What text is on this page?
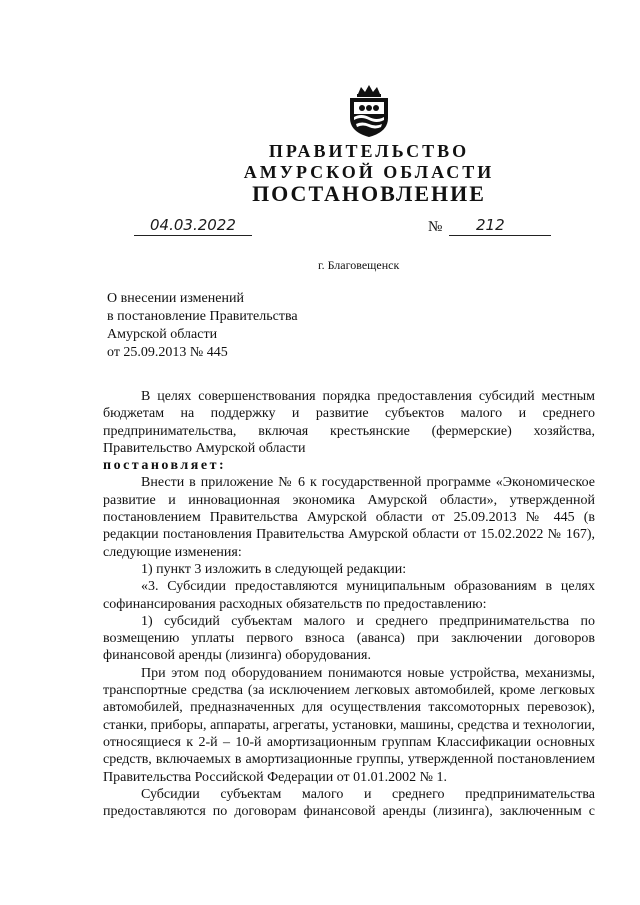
ПРАВИТЕЛЬСТВО
АМУРСКОЙ ОБЛАСТИ
ПОСТАНОВЛЕНИЕ
04.03.2022	№ 212
г. Благовещенск
О внесении изменений
в постановление Правительства
Амурской области
от 25.09.2013 № 445

В целях совершенствования порядка предоставления субсидий местным бюджетам на поддержку и развитие субъектов малого и среднего предпринимательства, включая крестьянские (фермерские) хозяйства, Правительство Амурской области

постановляет:

Внести в приложение № 6 к государственной программе «Экономическое развитие и инновационная экономика Амурской области», утвержденной постановлением Правительства Амурской области от 25.09.2013 № 445 (в редакции постановления Правительства Амурской области от 15.02.2022 № 167), следующие изменения:

1) пункт 3 изложить в следующей редакции:

«3. Субсидии предоставляются муниципальным образованиям в целях софинансирования расходных обязательств по предоставлению:

1) субсидий субъектам малого и среднего предпринимательства по возмещению уплаты первого взноса (аванса) при заключении договоров финансовой аренды (лизинга) оборудования.

При этом под оборудованием понимаются новые устройства, механизмы, транспортные средства (за исключением легковых автомобилей, кроме легковых автомобилей, предназначенных для осуществления таксомоторных перевозок), станки, приборы, аппараты, агрегаты, установки, машины, средства и технологии, относящиеся к 2-й – 10-й амортизационным группам Классификации основных средств, включаемых в амортизационные группы, утвержденной постановлением Правительства Российской Федерации от 01.01.2002 № 1.

Субсидии субъектам малого и среднего предпринимательства предоставляются по договорам финансовой аренды (лизинга), заключенным с
